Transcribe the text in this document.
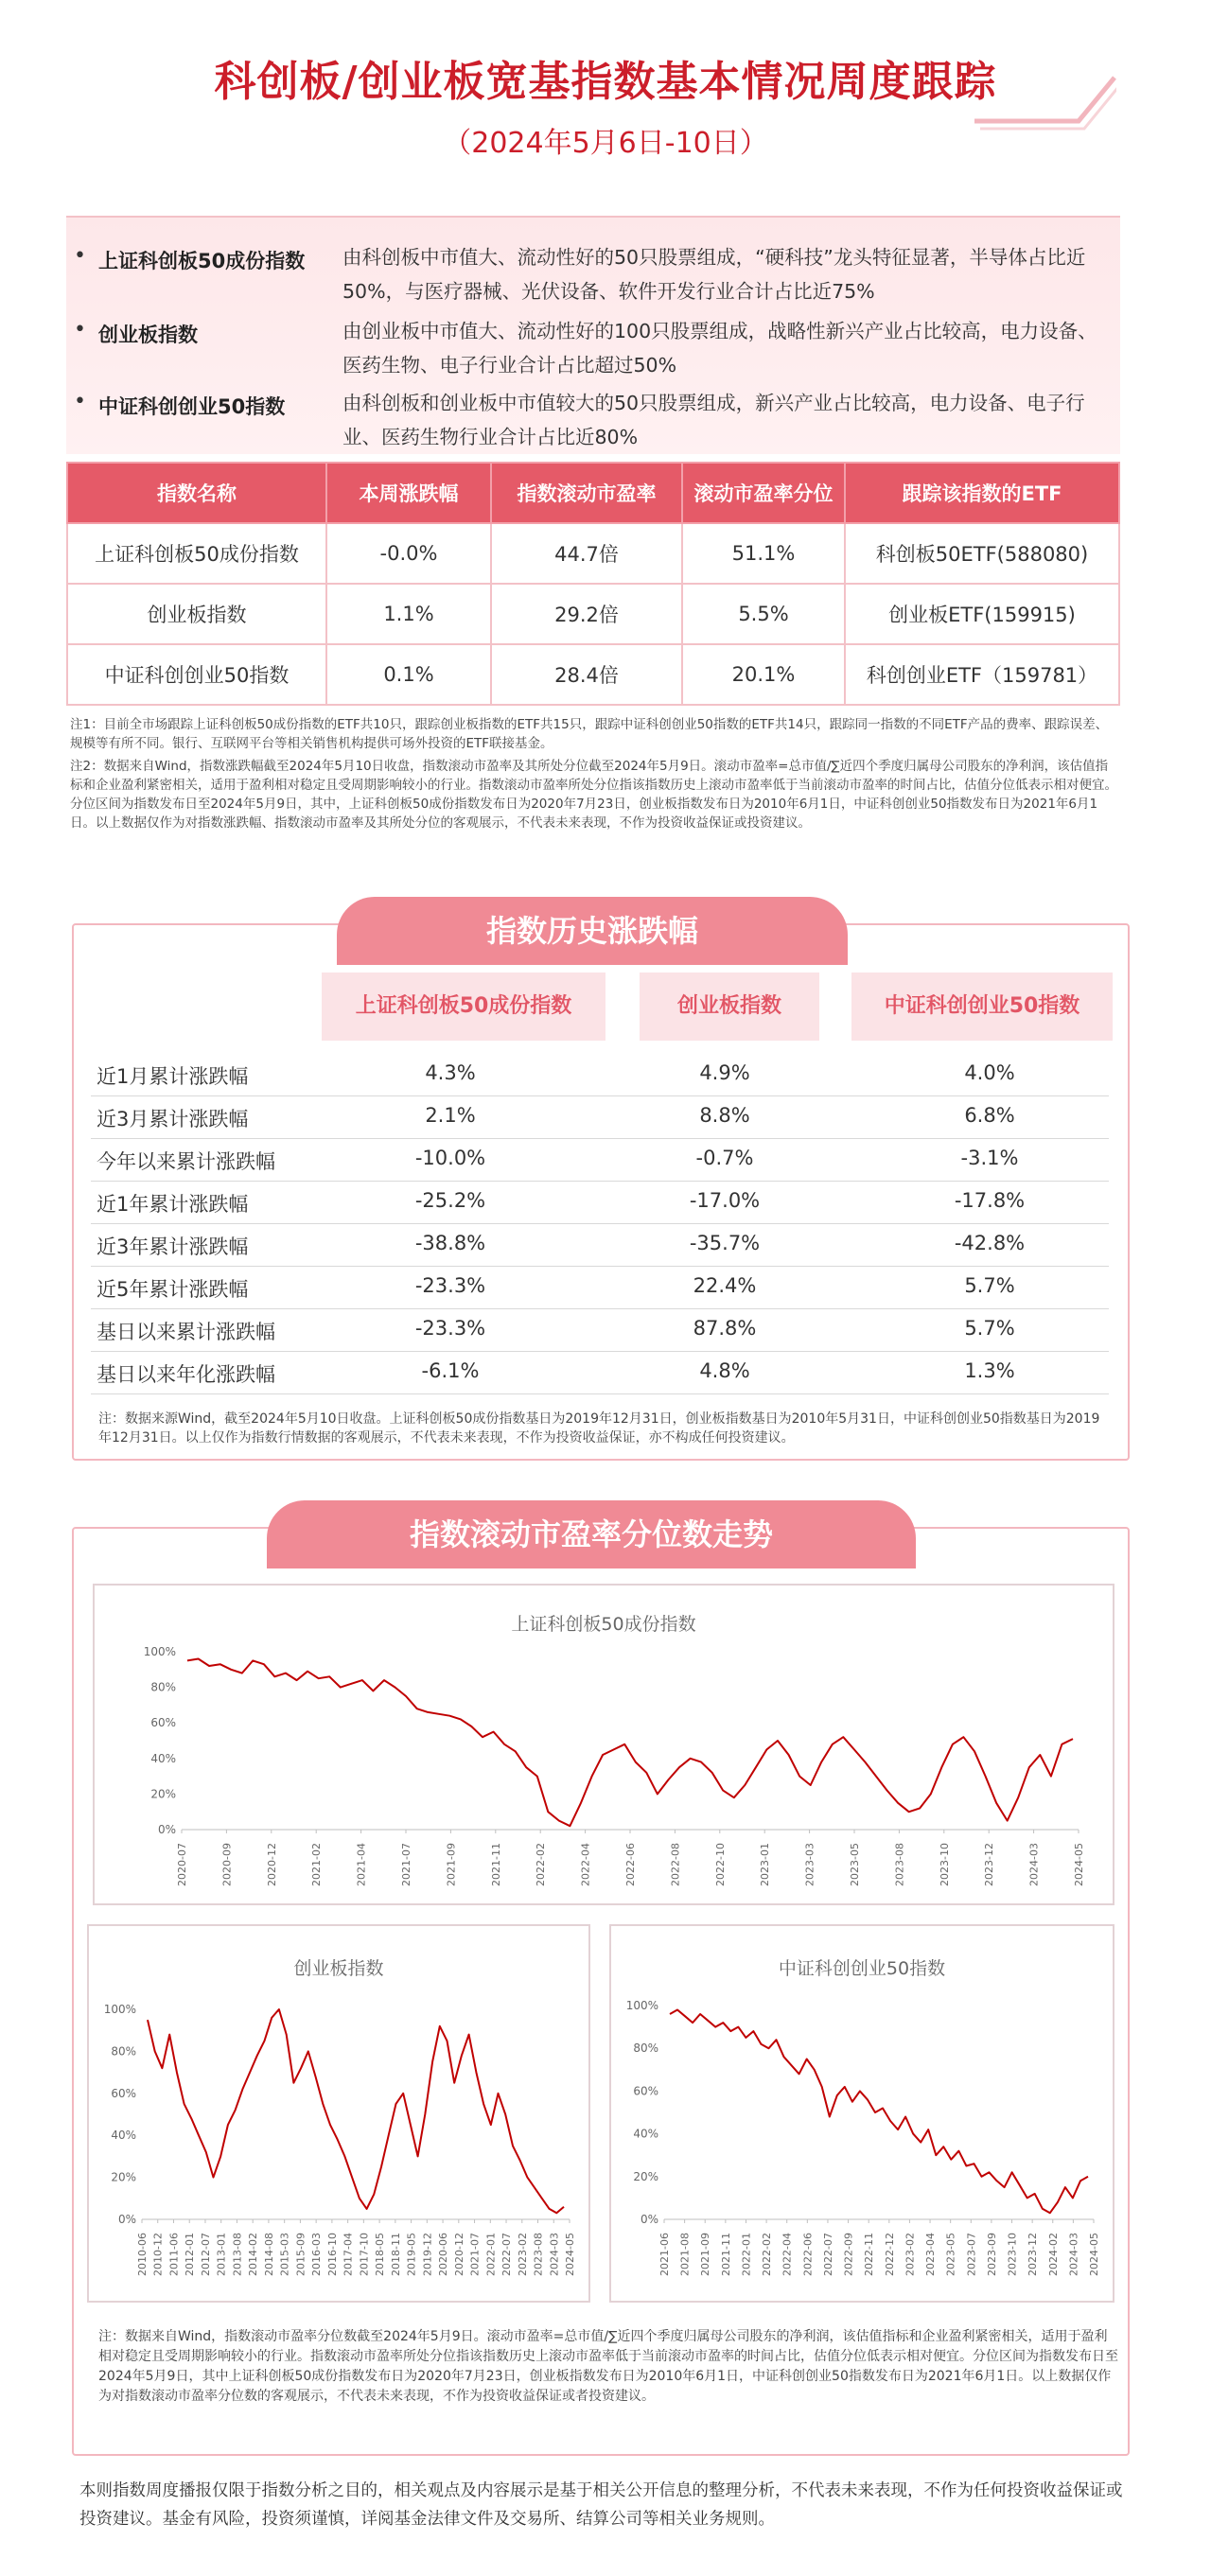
科创板/创业板宽基指数基本情况周度跟踪
（2024年5月6日-10日）
• 上证科创板50成份指数 由科创板中市值大、流动性好的50只股票组成，“硬科技”龙头特征显著，半导体占比近50%，与医疗器械、光伏设备、软件开发行业合计占比近75%
• 创业板指数	由创业板中市值大、流动性好的100只股票组成，战略性新兴产业占比较高，电力设备、医药生物、电子行业合计占比超过50%
• 中证科创创业50指数	由科创板和创业板中市值较大的50只股票组成，新兴产业占比较高，电力设备、电子行业、医药生物行业合计占比近80%
指数名称	本周涨跌幅	指数滚动市盈率	滚动市盈率分位	跟踪该指数的ETF
上证科创板50成份指数	-0.0%	44.7倍	51.1%	科创板50ETF(588080)
创业板指数	1.1%	29.2倍	5.5%	创业板ETF(159915)
中证科创创业50指数	0.1%	28.4倍	20.1%	科创创业ETF（159781）
注1：目前全市场跟踪上证科创板50成份指数的ETF共10只，跟踪创业板指数的ETF共15只，跟踪中证科创创业50指数的ETF共14只，跟踪同一指数的不同ETF产品的费率、跟踪误差、规模等有所不同。银行、互联网平台等相关销售机构提供可场外投资的ETF联接基金。
注2：数据来自Wind，指数涨跌幅截至2024年5月10日收盘，指数滚动市盈率及其所处分位截至2024年5月9日。滚动市盈率=总市值/∑近四个季度归属母公司股东的净利润，该估值指标和企业盈利紧密相关，适用于盈利相对稳定且受周期影响较小的行业。指数滚动市盈率所处分位指该指数历史上滚动市盈率低于当前滚动市盈率的时间占比，估值分位低表示相对便宜。分位区间为指数发布日至2024年5月9日，其中，上证科创板50成份指数发布日为2020年7月23日，创业板指数发布日为2010年6月1日，中证科创创业50指数发布日为2021年6月1日。以上数据仅作为对指数涨跌幅、指数滚动市盈率及其所处分位的客观展示，不代表未来表现，不作为投资收益保证或投资建议。
指数历史涨跌幅
上证科创板50成份指数	创业板指数	中证科创创业50指数
近1月累计涨跌幅	4.3%	4.9%	4.0%
近3月累计涨跌幅	2.1%	8.8%	6.8%
今年以来累计涨跌幅	-10.0%	-0.7%	-3.1%
近1年累计涨跌幅	-25.2%	-17.0%	-17.8%
近3年累计涨跌幅	-38.8%	-35.7%	-42.8%
近5年累计涨跌幅	-23.3%	22.4%	5.7%
基日以来累计涨跌幅	-23.3%	87.8%	5.7%
基日以来年化涨跌幅	-6.1%	4.8%	1.3%
注：数据来源Wind，截至2024年5月10日收盘。上证科创板50成份指数基日为2019年12月31日，创业板指数基日为2010年5月31日，中证科创创业50指数基日为2019年12月31日。以上仅作为指数行情数据的客观展示，不代表未来表现，不作为投资收益保证，亦不构成任何投资建议。
指数滚动市盈率分位数走势
上证科创板50成份指数
0%
20%
40%
60%
80%
100%
2020-07	2020-09	2020-12	2021-02	2021-04	2021-07	2021-09	2021-11	2022-02	2022-04	2022-06	2022-08	2022-10	2023-01	2023-03	2023-05	2023-08	2023-10	2023-12	2024-03	2024-05
创业板指数
0%
20%
40%
60%
80%
100%
2010-06 2010-12 2011-06 2012-01 2012-07 2013-01 2013-08 2014-02 2014-08 2015-03 2015-09 2016-03 2016-10 2017-04 2017-10 2018-05 2018-11 2019-05 2019-12 2020-06 2020-12 2021-07 2022-01 2022-07 2023-02 2023-08 2024-03 2024-05
中证科创创业50指数
0%
20%
40%
60%
80%
100%
2021-06 2021-08 2021-09 2021-11 2022-01 2022-02 2022-04 2022-06 2022-07 2022-09 2022-11 2022-12 2023-02 2023-04 2023-05 2023-07 2023-09 2023-10 2023-12 2024-02 2024-03 2024-05
注：数据来自Wind，指数滚动市盈率分位数截至2024年5月9日。滚动市盈率=总市值/∑近四个季度归属母公司股东的净利润，该估值指标和企业盈利紧密相关，适用于盈利相对稳定且受周期影响较小的行业。指数滚动市盈率所处分位指该指数历史上滚动市盈率低于当前滚动市盈率的时间占比，估值分位低表示相对便宜。分位区间为指数发布日至2024年5月9日，其中上证科创板50成份指数发布日为2020年7月23日，创业板指数发布日为2010年6月1日，中证科创创业50指数发布日为2021年6月1日。以上数据仅作为对指数滚动市盈率分位数的客观展示，不代表未来表现，不作为投资收益保证或者投资建议。
本则指数周度播报仅限于指数分析之目的，相关观点及内容展示是基于相关公开信息的整理分析，不代表未来表现，不作为任何投资收益保证或投资建议。基金有风险，投资须谨慎，详阅基金法律文件及交易所、结算公司等相关业务规则。
